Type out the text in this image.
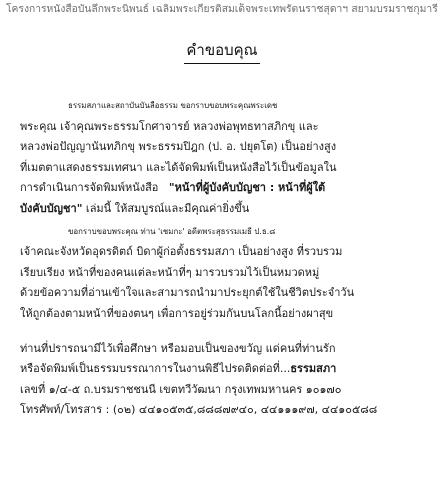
โครงการหนังสือบันลึกพระนิพนธ์ เฉลิมพระเกียรติสมเด็จพระเทพรัตนราชสุดาฯ สยามบรมราชกุมารี
คำขอบคุณ

ธรรมสภาและสถาบันบันลือธรรม ขอกราบขอบพระคุณพระเดช
พระคุณ เจ้าคุณพระธรรมโกศาจารย์ หลวงพ่อพุทธทาสภิกขุ และ
หลวงพ่อปัญญานันทภิกขุ พระธรรมปิฎก (ป. อ. ปยุตโต) เป็นอย่างสูง
ที่เมตตาแสดงธรรมเทศนา และได้จัดพิมพ์เป็นหนังสือไว้เป็นข้อมูลใน
การดำเนินการจัดพิมพ์หนังสือ "หน้าที่ผู้บังคับบัญชา : หน้าที่ผู้ใต้
บังคับบัญชา" เล่มนี้ ให้สมบูรณ์และมีคุณค่ายิ่งขึ้น

ขอกราบขอบพระคุณ ท่าน 'เชมกะ' อดีตพระสุธรรมเมธี ป.ธ.๘
เจ้าคณะจังหวัดอุดรดิตถ์ บิดาผู้ก่อตั้งธรรมสภา เป็นอย่างสูง ที่รวบรวม
เรียบเรียง หน้าที่ของคนแต่ละหน้าที่ๆ มารวบรวมไว้เป็นหมวดหมู่
ด้วยข้อความที่อ่านเข้าใจและสามารถนำมาประยุกต์ใช้ในชีวิตประจำวัน
ให้ถูกต้องตามหน้าที่ของตนๆ เพื่อการอยู่ร่วมกันบนโลกนี้อย่างผาสุข

ท่านที่ปรารถนามีไว้เพื่อศึกษา หรือมอบเป็นของขวัญ แด่คนที่ท่านรัก
หรือจัดพิมพ์เป็นธรรมบรรณาการในงานพิธีไปรดติดต่อที่...ธรรมสภา
เลขที่ ๑/๔-๕ ถ.บรมราชชนนี เขตทวีวัฒนา กรุงเทพมหานคร ๑๐๑๗๐
โทรศัพท์/โทรสาร : (๐๒) ๔๔๑๐๕๓๕,๘๘๘๗๙๔๐, ๔๔๑๑๑๙๗, ๔๔๑๐๕๘๘
